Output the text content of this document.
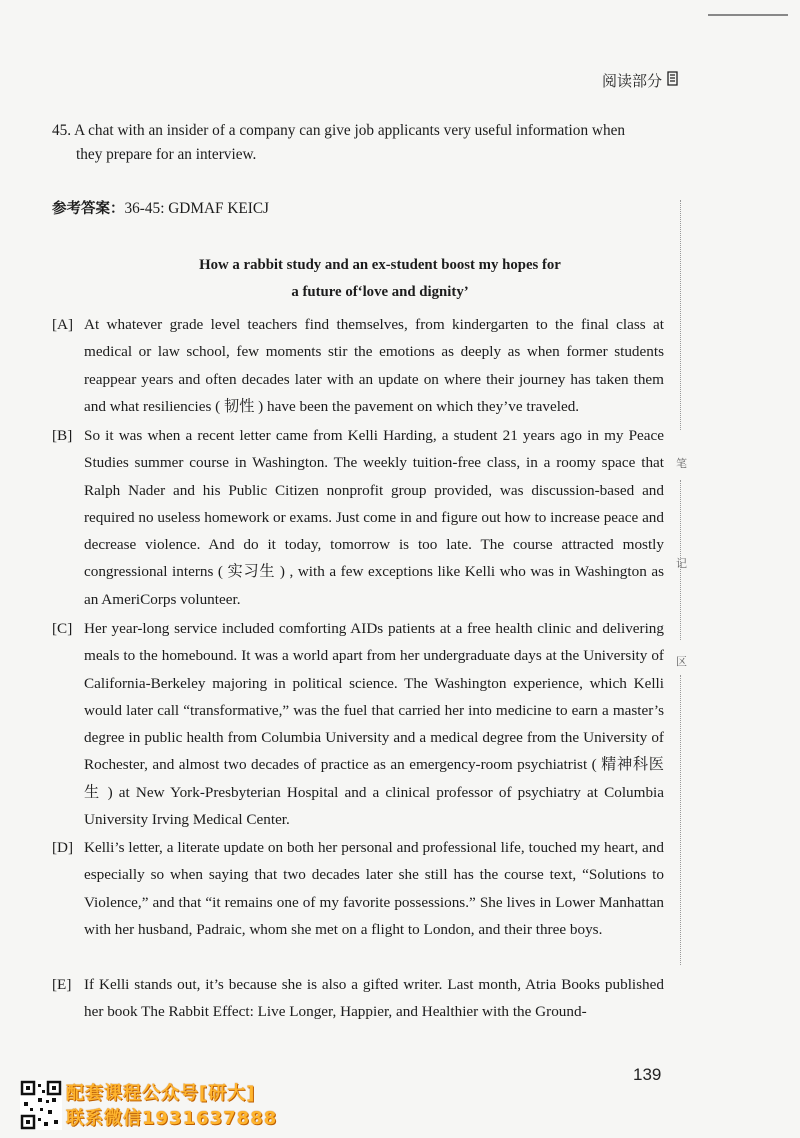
阅读部分
45. A chat with an insider of a company can give job applicants very useful information when
they prepare for an interview.
参考答案：36-45: GDMAF KEICJ
How a rabbit study and an ex-student boost my hopes for
a future of‘love and dignity’
[A] At whatever grade level teachers find themselves, from kindergarten to the final class at medical or law school, few moments stir the emotions as deeply as when former students reappear years and often decades later with an update on where their journey has taken them and what resiliencies ( 韧性 ) have been the pavement on which they’ve traveled.
[B] So it was when a recent letter came from Kelli Harding, a student 21 years ago in my Peace Studies summer course in Washington. The weekly tuition-free class, in a roomy space that Ralph Nader and his Public Citizen nonprofit group provided, was discussion-based and required no useless homework or exams. Just come in and figure out how to increase peace and decrease violence. And do it today, tomorrow is too late. The course attracted mostly congressional interns ( 实习生 ) , with a few exceptions like Kelli who was in Washington as an AmeriCorps volunteer.
[C] Her year-long service included comforting AIDs patients at a free health clinic and delivering meals to the homebound. It was a world apart from her undergraduate days at the University of California-Berkeley majoring in political science. The Washington experience, which Kelli would later call “transformative,” was the fuel that carried her into medicine to earn a master’s degree in public health from Columbia University and a medical degree from the University of Rochester, and almost two decades of practice as an emergency-room psychiatrist ( 精神科医生 ) at New York-Presbyterian Hospital and a clinical professor of psychiatry at Columbia University Irving Medical Center.
[D] Kelli’s letter, a literate update on both her personal and professional life, touched my heart, and especially so when saying that two decades later she still has the course text, “Solutions to Violence,” and that “it remains one of my favorite possessions.” She lives in Lower Manhattan with her husband, Padraic, whom she met on a flight to London, and their three boys.
[E] If Kelli stands out, it’s because she is also a gifted writer. Last month, Atria Books published her book The Rabbit Effect: Live Longer, Happier, and Healthier with the Ground-
笔
记
区
139
配套课程公众号[研大]
联系微信1931637888
